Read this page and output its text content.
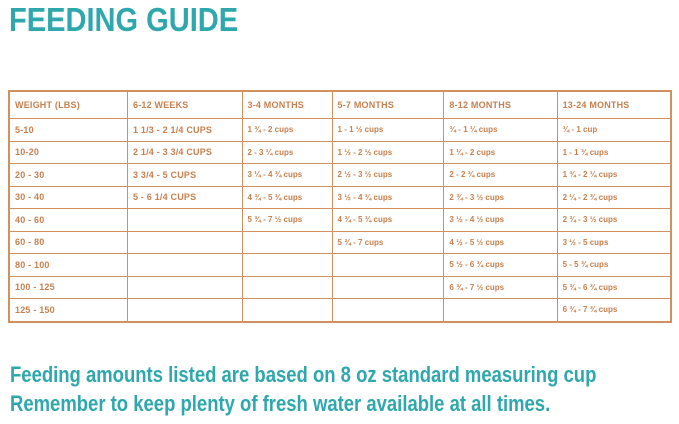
FEEDING GUIDE
WEIGHT (LBS)	6-12 WEEKS	3-4 MONTHS	5-7 MONTHS	8-12 MONTHS	13-24 MONTHS
5-10	1 1/3 - 2 1/4 CUPS	1 ¾ - 2 cups	1 - 1 ½ cups	¾ - 1 ¼ cups	¾ - 1 cup
10-20	2 1/4 - 3 3/4 CUPS	2 - 3 ¼ cups	1 ½ - 2 ½ cups	1 ¼ - 2 cups	1 - 1 ¾ cups
20 - 30	3 3/4 - 5 CUPS	3 ¼ - 4 ¾ cups	2 ½ - 3 ½ cups	2 - 2 ¾ cups	1 ¾ - 2 ¼ cups
30 - 40	5 - 6 1/4 CUPS	4 ¾ - 5 ¾ cups	3 ½ - 4 ¾ cups	2 ¾ - 3 ½ cups	2 ¼ - 2 ¾ cups
40 - 60		5 ¾ - 7 ½ cups	4 ¾ - 5 ¾ cups	3 ½ - 4 ½ cups	2 ¾ - 3 ½ cups
60 - 80			5 ¾ - 7 cups	4 ½ - 5 ½ cups	3 ½ - 5 cups
80 - 100				5 ½ - 6 ¾ cups	5 - 5 ¾ cups
100 - 125				6 ¾ - 7 ½ cups	5 ¾ - 6 ¾ cups
125 - 150					6 ¾ - 7 ¾ cups

Feeding amounts listed are based on 8 oz standard measuring cup

Remember to keep plenty of fresh water available at all times.
